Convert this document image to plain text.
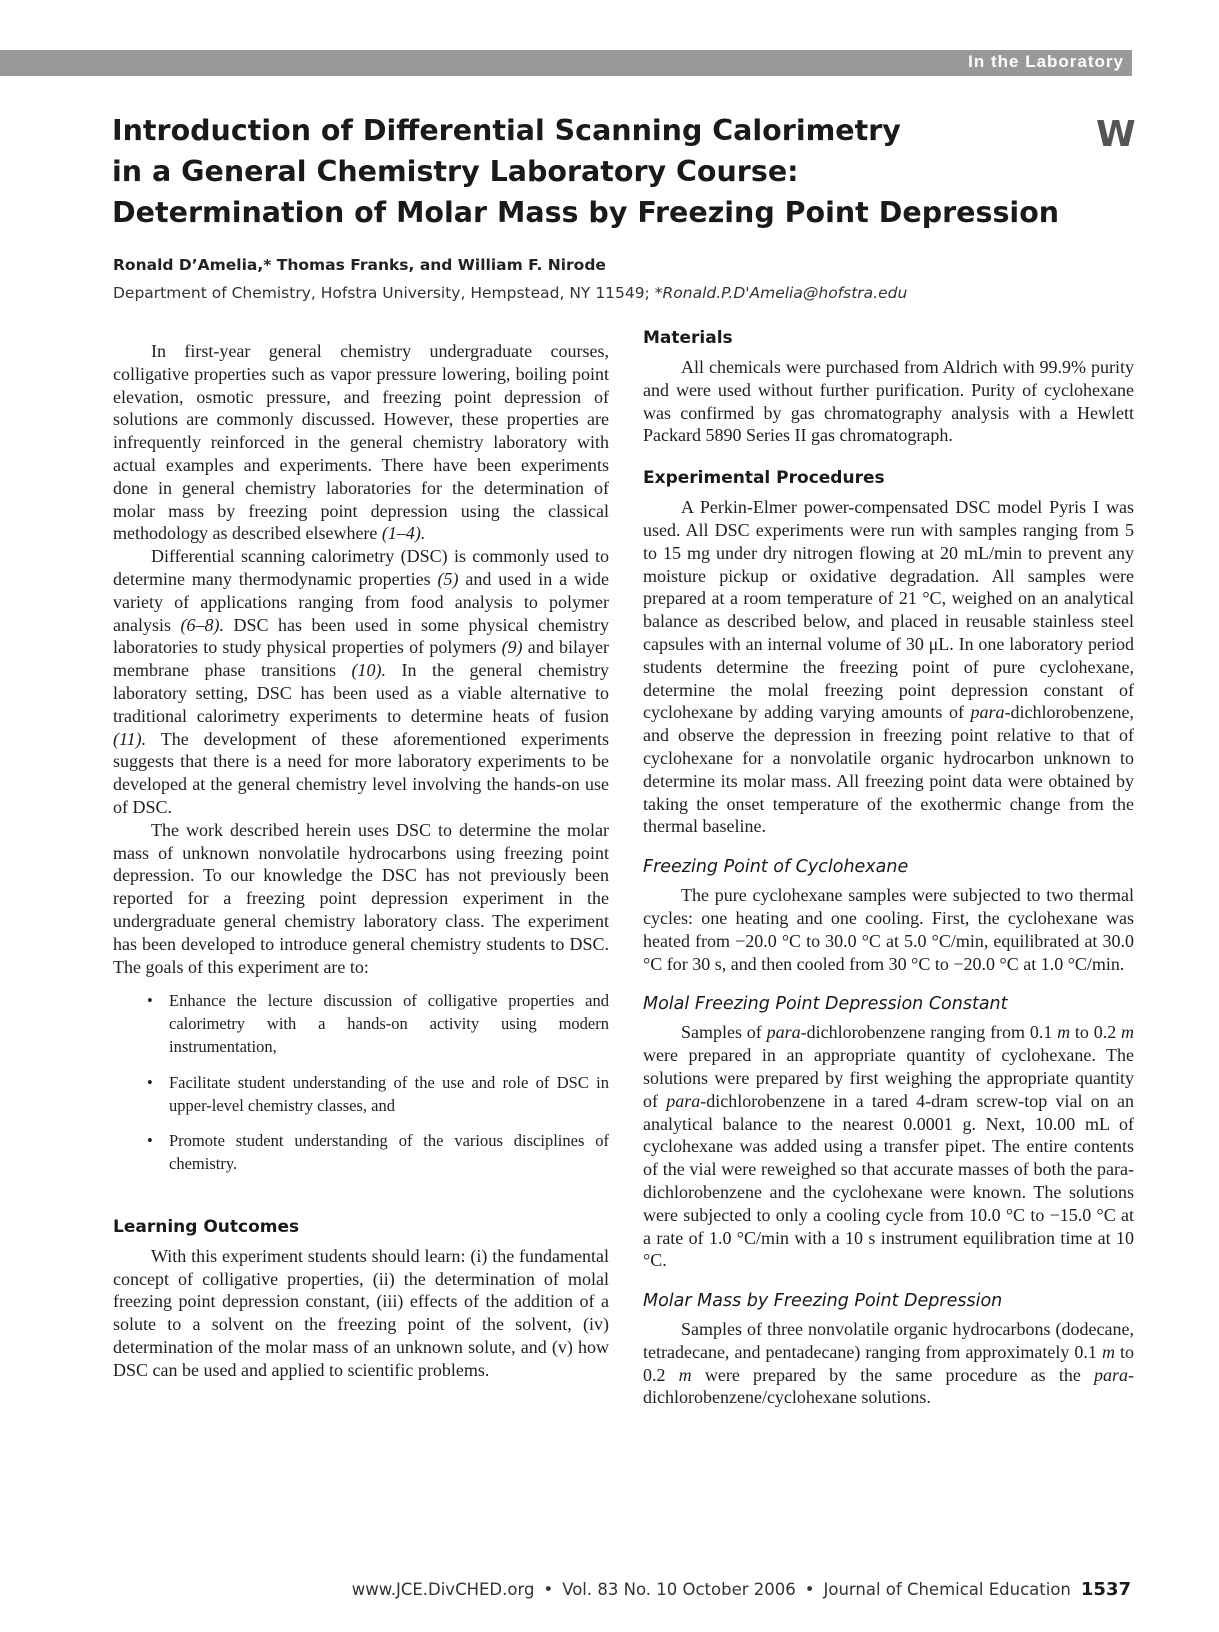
In the Laboratory
W
Introduction of Differential Scanning Calorimetry
in a General Chemistry Laboratory Course:
Determination of Molar Mass by Freezing Point Depression
Ronald D’Amelia,* Thomas Franks, and William F. Nirode
Department of Chemistry, Hofstra University, Hempstead, NY 11549; *Ronald.P.D'Amelia@hofstra.edu

In first-year general chemistry undergraduate courses, colligative properties such as vapor pressure lowering, boiling point elevation, osmotic pressure, and freezing point depression of solutions are commonly discussed. However, these properties are infrequently reinforced in the general chemistry laboratory with actual examples and experiments. There have been experiments done in general chemistry laboratories for the determination of molar mass by freezing point depression using the classical methodology as described elsewhere (1–4).

Differential scanning calorimetry (DSC) is commonly used to determine many thermodynamic properties (5) and used in a wide variety of applications ranging from food analysis to polymer analysis (6–8). DSC has been used in some physical chemistry laboratories to study physical properties of polymers (9) and bilayer membrane phase transitions (10). In the general chemistry laboratory setting, DSC has been used as a viable alternative to traditional calorimetry experiments to determine heats of fusion (11). The development of these aforementioned experiments suggests that there is a need for more laboratory experiments to be developed at the general chemistry level involving the hands-on use of DSC.

The work described herein uses DSC to determine the molar mass of unknown nonvolatile hydrocarbons using freezing point depression. To our knowledge the DSC has not previously been reported for a freezing point depression experiment in the undergraduate general chemistry laboratory class. The experiment has been developed to introduce general chemistry students to DSC. The goals of this experiment are to:

• Enhance the lecture discussion of colligative properties and calorimetry with a hands-on activity using modern instrumentation,
• Facilitate student understanding of the use and role of DSC in upper-level chemistry classes, and
• Promote student understanding of the various disciplines of chemistry.
Learning Outcomes

With this experiment students should learn: (i) the fundamental concept of colligative properties, (ii) the determination of molal freezing point depression constant, (iii) effects of the addition of a solute to a solvent on the freezing point of the solvent, (iv) determination of the molar mass of an unknown solute, and (v) how DSC can be used and applied to scientific problems.

Materials

All chemicals were purchased from Aldrich with 99.9% purity and were used without further purification. Purity of cyclohexane was confirmed by gas chromatography analysis with a Hewlett Packard 5890 Series II gas chromatograph.

Experimental Procedures

A Perkin-Elmer power-compensated DSC model Pyris I was used. All DSC experiments were run with samples ranging from 5 to 15 mg under dry nitrogen flowing at 20 mL/min to prevent any moisture pickup or oxidative degradation. All samples were prepared at a room temperature of 21 °C, weighed on an analytical balance as described below, and placed in reusable stainless steel capsules with an internal volume of 30 μL. In one laboratory period students determine the freezing point of pure cyclohexane, determine the molal freezing point depression constant of cyclohexane by adding varying amounts of para-dichlorobenzene, and observe the depression in freezing point relative to that of cyclohexane for a nonvolatile organic hydrocarbon unknown to determine its molar mass. All freezing point data were obtained by taking the onset temperature of the exothermic change from the thermal baseline.

Freezing Point of Cyclohexane

The pure cyclohexane samples were subjected to two thermal cycles: one heating and one cooling. First, the cyclohexane was heated from −20.0 °C to 30.0 °C at 5.0 °C/min, equilibrated at 30.0 °C for 30 s, and then cooled from 30 °C to −20.0 °C at 1.0 °C/min.

Molal Freezing Point Depression Constant

Samples of para-dichlorobenzene ranging from 0.1 m to 0.2 m were prepared in an appropriate quantity of cyclohexane. The solutions were prepared by first weighing the appropriate quantity of para-dichlorobenzene in a tared 4-dram screw-top vial on an analytical balance to the nearest 0.0001 g. Next, 10.00 mL of cyclohexane was added using a transfer pipet. The entire contents of the vial were reweighed so that accurate masses of both the para-dichlorobenzene and the cyclohexane were known. The solutions were subjected to only a cooling cycle from 10.0 °C to −15.0 °C at a rate of 1.0 °C/min with a 10 s instrument equilibration time at 10 °C.

Molar Mass by Freezing Point Depression

Samples of three nonvolatile organic hydrocarbons (dodecane, tetradecane, and pentadecane) ranging from approximately 0.1 m to 0.2 m were prepared by the same procedure as the para-dichlorobenzene/cyclohexane solutions.

www.JCE.DivCHED.org • Vol. 83 No. 10 October 2006 • Journal of Chemical Education 1537
